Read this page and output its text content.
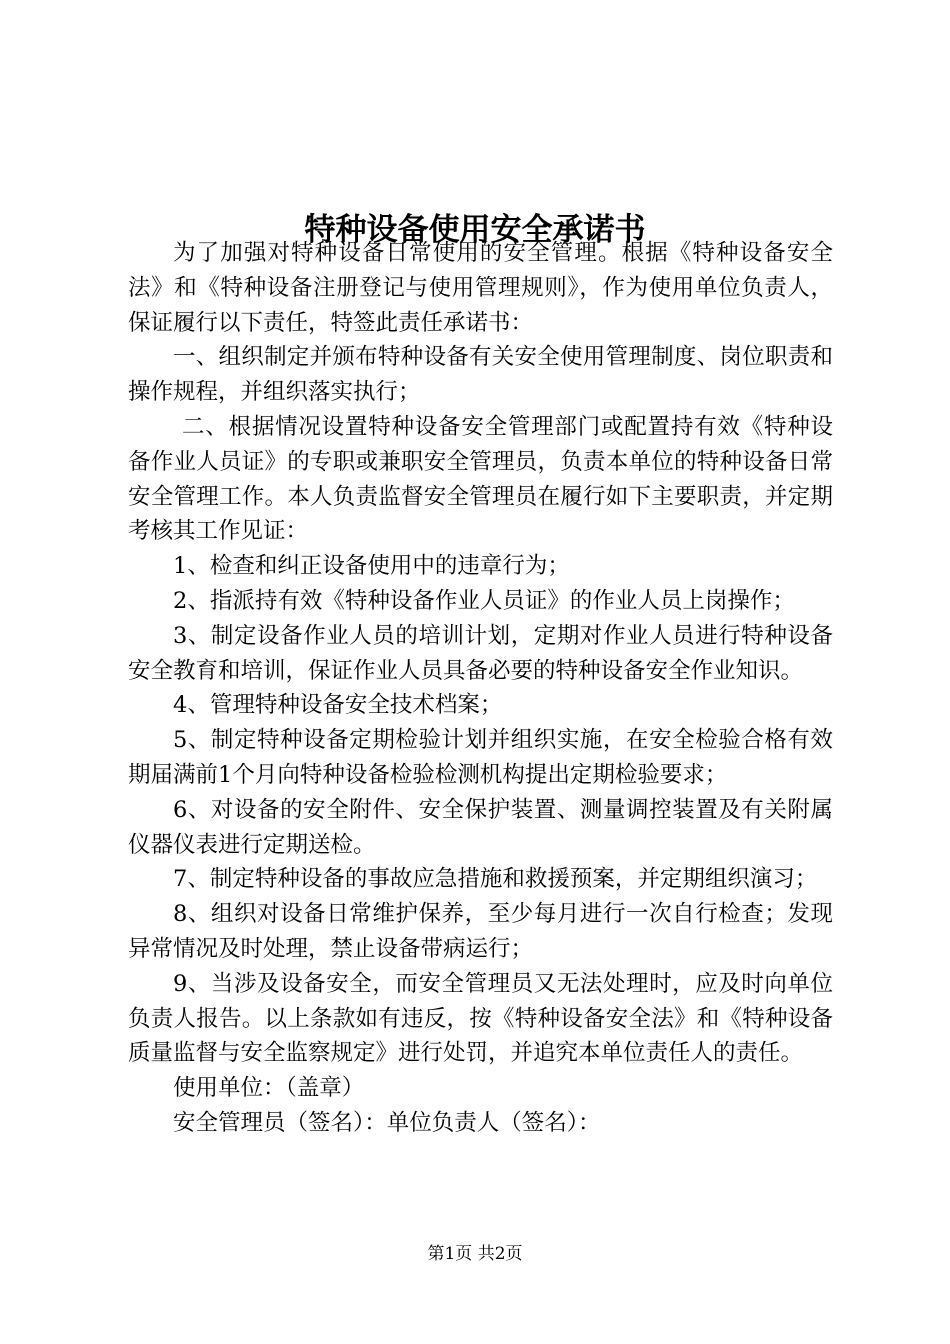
特种设备使用安全承诺书

为了加强对特种设备日常使用的安全管理。根据《特种设备安全法》和《特种设备注册登记与使用管理规则》，作为使用单位负责人，保证履行以下责任，特签此责任承诺书：

一、组织制定并颁布特种设备有关安全使用管理制度、岗位职责和操作规程，并组织落实执行；

二、根据情况设置特种设备安全管理部门或配置持有效《特种设备作业人员证》的专职或兼职安全管理员，负责本单位的特种设备日常安全管理工作。本人负责监督安全管理员在履行如下主要职责，并定期考核其工作见证：

1、检查和纠正设备使用中的违章行为；

2、指派持有效《特种设备作业人员证》的作业人员上岗操作；

3、制定设备作业人员的培训计划，定期对作业人员进行特种设备安全教育和培训，保证作业人员具备必要的特种设备安全作业知识。

4、管理特种设备安全技术档案；

5、制定特种设备定期检验计划并组织实施，在安全检验合格有效期届满前1个月向特种设备检验检测机构提出定期检验要求；

6、对设备的安全附件、安全保护装置、测量调控装置及有关附属仪器仪表进行定期送检。

7、制定特种设备的事故应急措施和救援预案，并定期组织演习；

8、组织对设备日常维护保养，至少每月进行一次自行检查；发现异常情况及时处理，禁止设备带病运行；

9、当涉及设备安全，而安全管理员又无法处理时，应及时向单位负责人报告。以上条款如有违反，按《特种设备安全法》和《特种设备质量监督与安全监察规定》进行处罚，并追究本单位责任人的责任。

使用单位：（盖章）

安全管理员（签名）：单位负责人（签名）：

第1页 共2页
